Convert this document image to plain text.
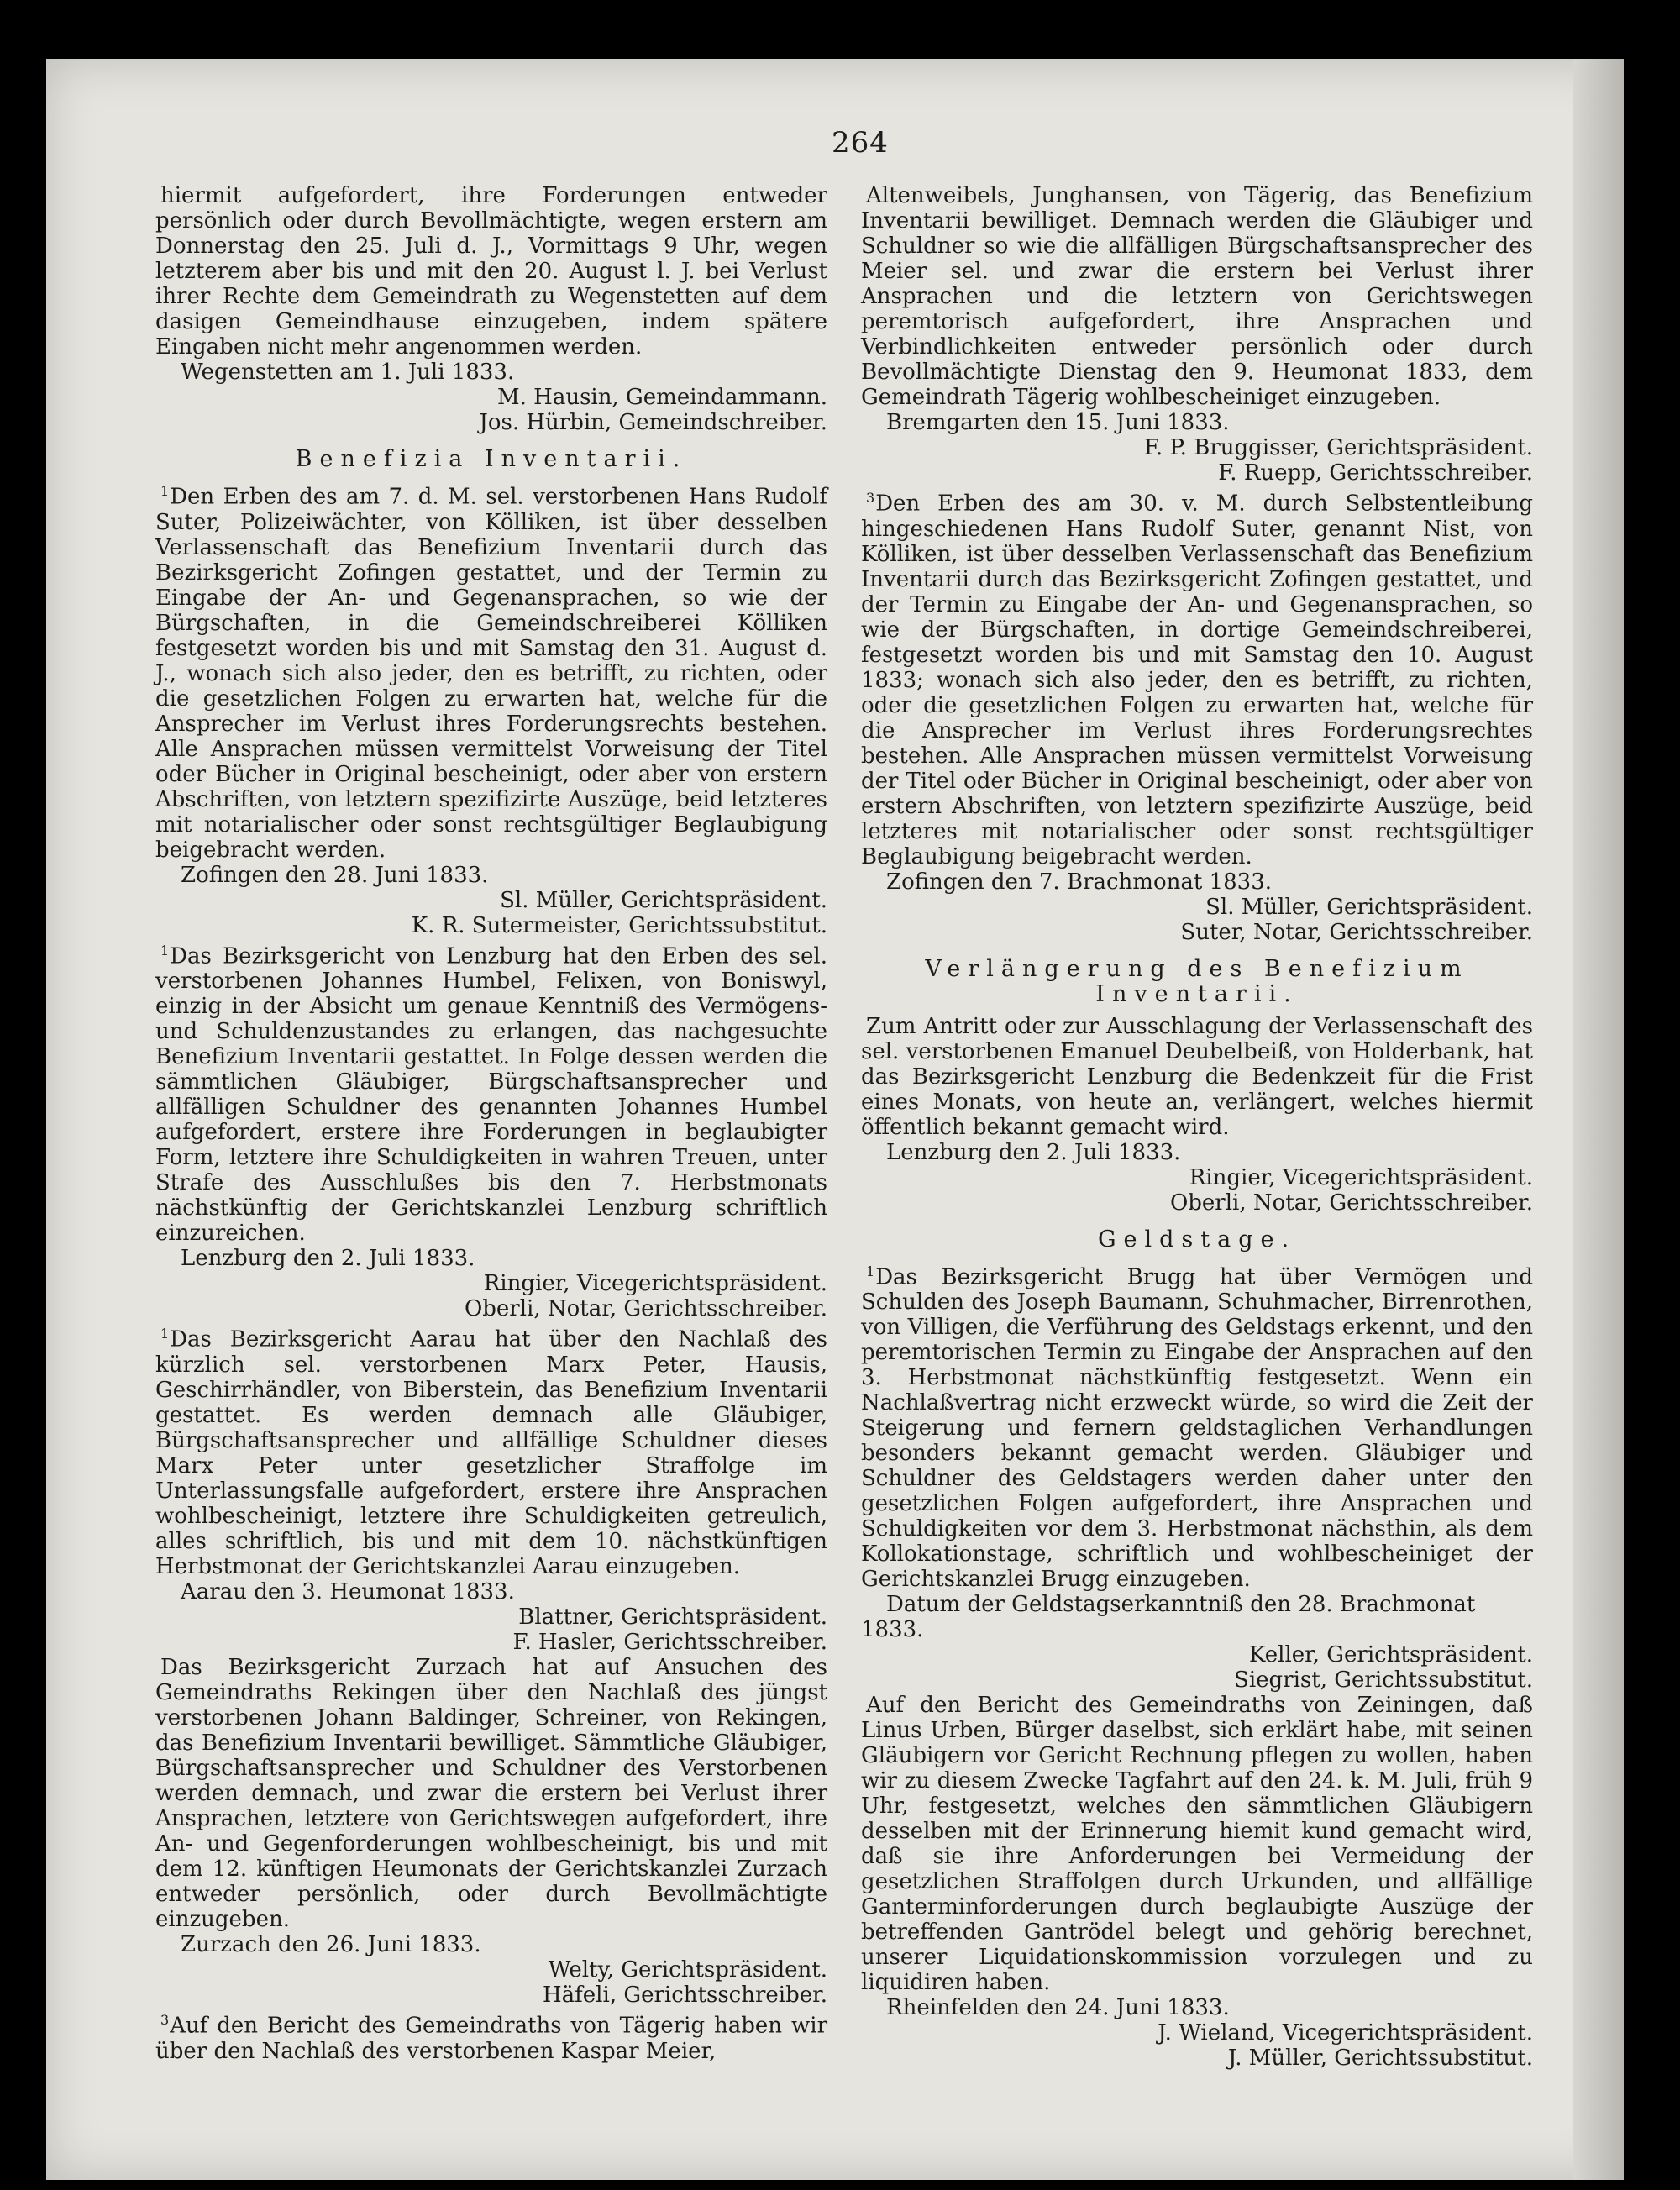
264

hiermit aufgefordert, ihre Forderungen entweder persönlich oder durch Bevollmächtigte, wegen erstern am Donnerstag den 25. Juli d. J., Vormittags 9 Uhr, wegen letzterem aber bis und mit den 20. August l. J. bei Verlust ihrer Rechte dem Gemeindrath zu Wegenstetten auf dem dasigen Gemeindhause einzugeben, indem spätere Eingaben nicht mehr angenommen werden.

Wegenstetten am 1. Juli 1833.

M. Hausin, Gemeindammann.

Jos. Hürbin, Gemeindschreiber.

Benefizia Inventarii.

$^1$Den Erben des am 7. d. M. sel. verstorbenen Hans Rudolf Suter, Polizeiwächter, von Kölliken, ist über desselben Verlassenschaft das Benefizium Inventarii durch das Bezirksgericht Zofingen gestattet, und der Termin zu Eingabe der An- und Gegenansprachen, so wie der Bürgschaften, in die Gemeindschreiberei Kölliken festgesetzt worden bis und mit Samstag den 31. August d. J., wonach sich also jeder, den es betrifft, zu richten, oder die gesetzlichen Folgen zu erwarten hat, welche für die Ansprecher im Verlust ihres Forderungsrechts bestehen. Alle Ansprachen müssen vermittelst Vorweisung der Titel oder Bücher in Original bescheinigt, oder aber von erstern Abschriften, von letztern spezifizirte Auszüge, beid letzteres mit notarialischer oder sonst rechtsgültiger Beglaubigung beigebracht werden.

Zofingen den 28. Juni 1833.

Sl. Müller, Gerichtspräsident.

K. R. Sutermeister, Gerichtssubstitut.

$^1$Das Bezirksgericht von Lenzburg hat den Erben des sel. verstorbenen Johannes Humbel, Felixen, von Boniswyl, einzig in der Absicht um genaue Kenntniß des Vermögens- und Schuldenzustandes zu erlangen, das nachgesuchte Benefizium Inventarii gestattet. In Folge dessen werden die sämmtlichen Gläubiger, Bürgschaftsansprecher und allfälligen Schuldner des genannten Johannes Humbel aufgefordert, erstere ihre Forderungen in beglaubigter Form, letztere ihre Schuldigkeiten in wahren Treuen, unter Strafe des Ausschlußes bis den 7. Herbstmonats nächstkünftig der Gerichtskanzlei Lenzburg schriftlich einzureichen.

Lenzburg den 2. Juli 1833.

Ringier, Vicegerichtspräsident.

Oberli, Notar, Gerichtsschreiber.

$^1$Das Bezirksgericht Aarau hat über den Nachlaß des kürzlich sel. verstorbenen Marx Peter, Hausis, Geschirrhändler, von Biberstein, das Benefizium Inventarii gestattet. Es werden demnach alle Gläubiger, Bürgschaftsansprecher und allfällige Schuldner dieses Marx Peter unter gesetzlicher Straffolge im Unterlassungsfalle aufgefordert, erstere ihre Ansprachen wohlbescheinigt, letztere ihre Schuldigkeiten getreulich, alles schriftlich, bis und mit dem 10. nächstkünftigen Herbstmonat der Gerichtskanzlei Aarau einzugeben.

Aarau den 3. Heumonat 1833.

Blattner, Gerichtspräsident.

F. Hasler, Gerichtsschreiber.

Das Bezirksgericht Zurzach hat auf Ansuchen des Gemeindraths Rekingen über den Nachlaß des jüngst verstorbenen Johann Baldinger, Schreiner, von Rekingen, das Benefizium Inventarii bewilliget. Sämmtliche Gläubiger, Bürgschaftsansprecher und Schuldner des Verstorbenen werden demnach, und zwar die erstern bei Verlust ihrer Ansprachen, letztere von Gerichtswegen aufgefordert, ihre An- und Gegenforderungen wohlbescheinigt, bis und mit dem 12. künftigen Heumonats der Gerichtskanzlei Zurzach entweder persönlich, oder durch Bevollmächtigte einzugeben.

Zurzach den 26. Juni 1833.

Welty, Gerichtspräsident.

Häfeli, Gerichtsschreiber.

$^3$Auf den Bericht des Gemeindraths von Tägerig haben wir über den Nachlaß des verstorbenen Kaspar Meier,

Altenweibels, Junghansen, von Tägerig, das Benefizium Inventarii bewilliget. Demnach werden die Gläubiger und Schuldner so wie die allfälligen Bürgschaftsansprecher des Meier sel. und zwar die erstern bei Verlust ihrer Ansprachen und die letztern von Gerichtswegen peremtorisch aufgefordert, ihre Ansprachen und Verbindlichkeiten entweder persönlich oder durch Bevollmächtigte Dienstag den 9. Heumonat 1833, dem Gemeindrath Tägerig wohlbescheiniget einzugeben.

Bremgarten den 15. Juni 1833.

F. P. Bruggisser, Gerichtspräsident.

F. Ruepp, Gerichtsschreiber.

$^3$Den Erben des am 30. v. M. durch Selbstentleibung hingeschiedenen Hans Rudolf Suter, genannt Nist, von Kölliken, ist über desselben Verlassenschaft das Benefizium Inventarii durch das Bezirksgericht Zofingen gestattet, und der Termin zu Eingabe der An- und Gegenansprachen, so wie der Bürgschaften, in dortige Gemeindschreiberei, festgesetzt worden bis und mit Samstag den 10. August 1833; wonach sich also jeder, den es betrifft, zu richten, oder die gesetzlichen Folgen zu erwarten hat, welche für die Ansprecher im Verlust ihres Forderungsrechtes bestehen. Alle Ansprachen müssen vermittelst Vorweisung der Titel oder Bücher in Original bescheinigt, oder aber von erstern Abschriften, von letztern spezifizirte Auszüge, beid letzteres mit notarialischer oder sonst rechtsgültiger Beglaubigung beigebracht werden.

Zofingen den 7. Brachmonat 1833.

Sl. Müller, Gerichtspräsident.

Suter, Notar, Gerichtsschreiber.

Verlängerung des Benefizium Inventarii.

Zum Antritt oder zur Ausschlagung der Verlassenschaft des sel. verstorbenen Emanuel Deubelbeiß, von Holderbank, hat das Bezirksgericht Lenzburg die Bedenkzeit für die Frist eines Monats, von heute an, verlängert, welches hiermit öffentlich bekannt gemacht wird.

Lenzburg den 2. Juli 1833.

Ringier, Vicegerichtspräsident.

Oberli, Notar, Gerichtsschreiber.

Geldstage.

$^1$Das Bezirksgericht Brugg hat über Vermögen und Schulden des Joseph Baumann, Schuhmacher, Birrenrothen, von Villigen, die Verführung des Geldstags erkennt, und den peremtorischen Termin zu Eingabe der Ansprachen auf den 3. Herbstmonat nächstkünftig festgesetzt. Wenn ein Nachlaßvertrag nicht erzweckt würde, so wird die Zeit der Steigerung und fernern geldstaglichen Verhandlungen besonders bekannt gemacht werden. Gläubiger und Schuldner des Geldstagers werden daher unter den gesetzlichen Folgen aufgefordert, ihre Ansprachen und Schuldigkeiten vor dem 3. Herbstmonat nächsthin, als dem Kollokationstage, schriftlich und wohlbescheiniget der Gerichtskanzlei Brugg einzugeben.

Datum der Geldstagserkanntniß den 28. Brachmonat 1833.

Keller, Gerichtspräsident.

Siegrist, Gerichtssubstitut.

Auf den Bericht des Gemeindraths von Zeiningen, daß Linus Urben, Bürger daselbst, sich erklärt habe, mit seinen Gläubigern vor Gericht Rechnung pflegen zu wollen, haben wir zu diesem Zwecke Tagfahrt auf den 24. k. M. Juli, früh 9 Uhr, festgesetzt, welches den sämmtlichen Gläubigern desselben mit der Erinnerung hiemit kund gemacht wird, daß sie ihre Anforderungen bei Vermeidung der gesetzlichen Straffolgen durch Urkunden, und allfällige Ganterminforderungen durch beglaubigte Auszüge der betreffenden Gantrödel belegt und gehörig berechnet, unserer Liquidationskommission vorzulegen und zu liquidiren haben.

Rheinfelden den 24. Juni 1833.

J. Wieland, Vicegerichtspräsident.

J. Müller, Gerichtssubstitut.
